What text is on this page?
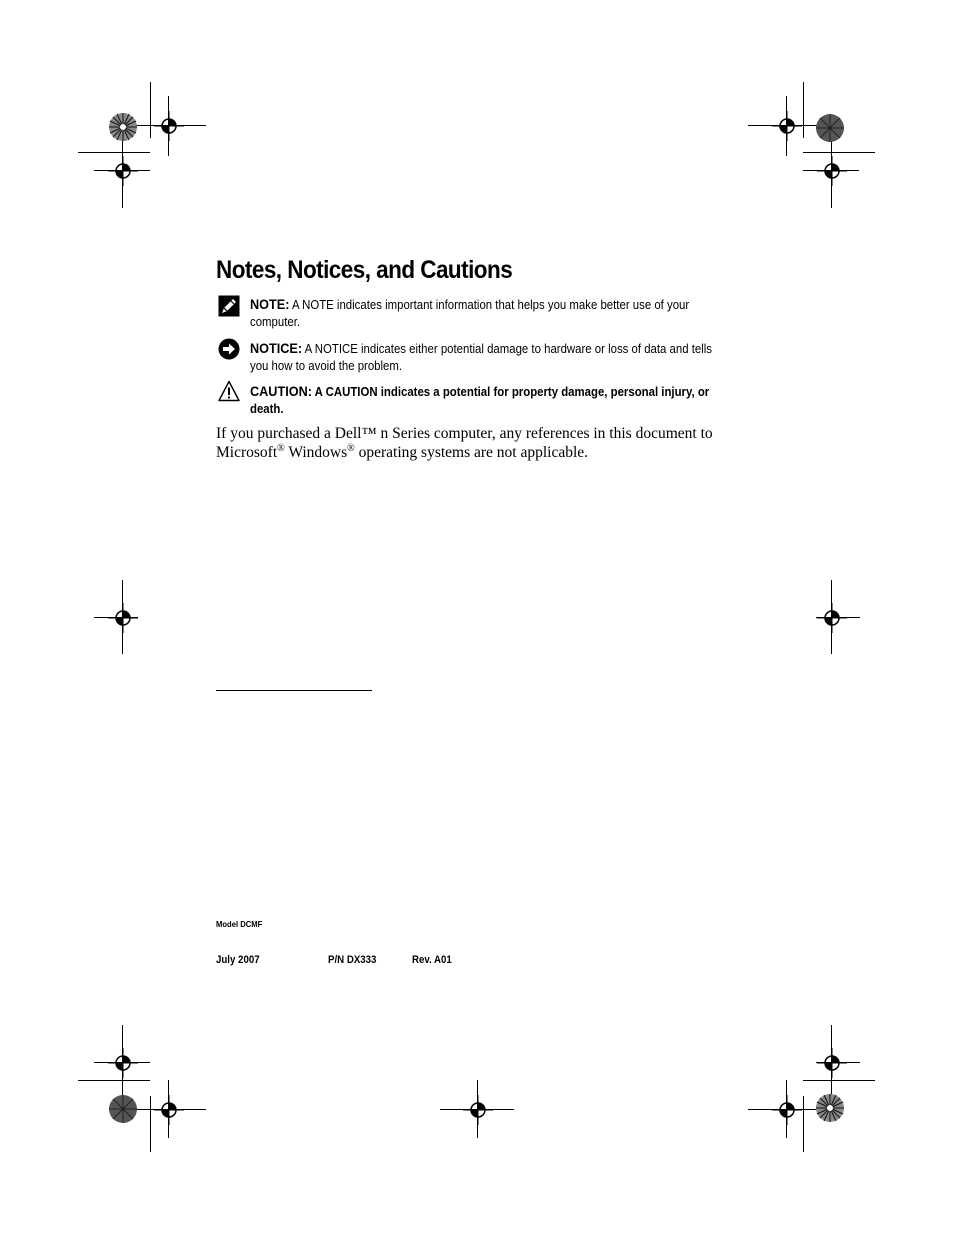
Notes, Notices, and Cautions
NOTE: A NOTE indicates important information that helps you make better use of your computer.
NOTICE: A NOTICE indicates either potential damage to hardware or loss of data and tells you how to avoid the problem.
CAUTION: A CAUTION indicates a potential for property damage, personal injury, or death.
If you purchased a Dell™ n Series computer, any references in this document to Microsoft® Windows® operating systems are not applicable.
Model DCMF
July 2007	P/N DX333	Rev. A01
